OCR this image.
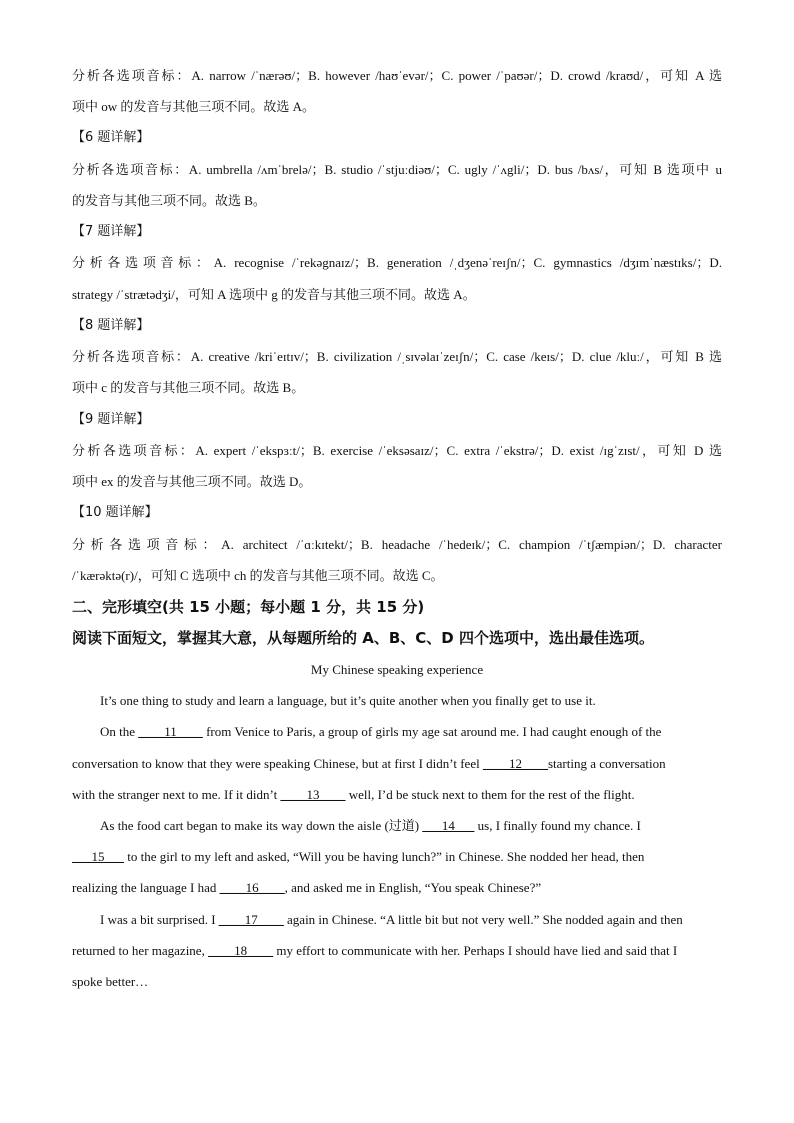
分析各选项音标：A. narrow /ˈnærəʊ/；B. however /haʊˈevər/；C. power /ˈpaʊər/；D. crowd /kraʊd/，可知 A 选
项中 ow 的发音与其他三项不同。故选 A。
【6 题详解】
分析各选项音标：A. umbrella /ʌmˈbrelə/；B. studio /ˈstjuːdiəʊ/；C. ugly /ˈʌgli/；D. bus /bʌs/，可知 B 选项中 u
的发音与其他三项不同。故选 B。
【7 题详解】
分析各选项音标：A. recognise /ˈrekəgnaɪz/；B. generation /ˌdʒenəˈreɪʃn/；C. gymnastics /dʒɪmˈnæstɪks/；D.
strategy /ˈstrætədʒi/，可知 A 选项中 g 的发音与其他三项不同。故选 A。
【8 题详解】
分析各选项音标：A. creative /kriˈeɪtɪv/；B. civilization /ˌsɪvəlaɪˈzeɪʃn/；C. case /keɪs/；D. clue /kluː/，可知 B 选
项中 c 的发音与其他三项不同。故选 B。
【9 题详解】
分析各选项音标：A. expert /ˈekspɜːt/；B. exercise /ˈeksəsaɪz/；C. extra /ˈekstrə/；D. exist /ɪgˈzɪst/，可知 D 选
项中 ex 的发音与其他三项不同。故选 D。
【10 题详解】
分析各选项音标：A. architect /ˈɑːkɪtekt/；B. headache /ˈhedeɪk/；C. champion /ˈtʃæmpiən/；D. character
/ˈkærəktə(r)/，可知 C 选项中 ch 的发音与其他三项不同。故选 C。
二、完形填空(共 15 小题；每小题 1 分，共 15 分)
阅读下面短文，掌握其大意，从每题所给的 A、B、C、D 四个选项中，选出最佳选项。
My Chinese speaking experience
It’s one thing to study and learn a language, but it’s quite another when you finally get to use it.
On the ____11____ from Venice to Paris, a group of girls my age sat around me. I had caught enough of the
conversation to know that they were speaking Chinese, but at first I didn’t feel ____12____starting a conversation
with the stranger next to me. If it didn’t ____13____ well, I’d be stuck next to them for the rest of the flight.
As the food cart began to make its way down the aisle (过道) ___14___ us, I finally found my chance. I
___15___ to the girl to my left and asked, “Will you be having lunch?” in Chinese. She nodded her head, then
realizing the language I had ____16____, and asked me in English, “You speak Chinese?”
I was a bit surprised. I ____17____ again in Chinese. “A little bit but not very well.” She nodded again and then
returned to her magazine, ____18____ my effort to communicate with her. Perhaps I should have lied and said that I
spoke better…
